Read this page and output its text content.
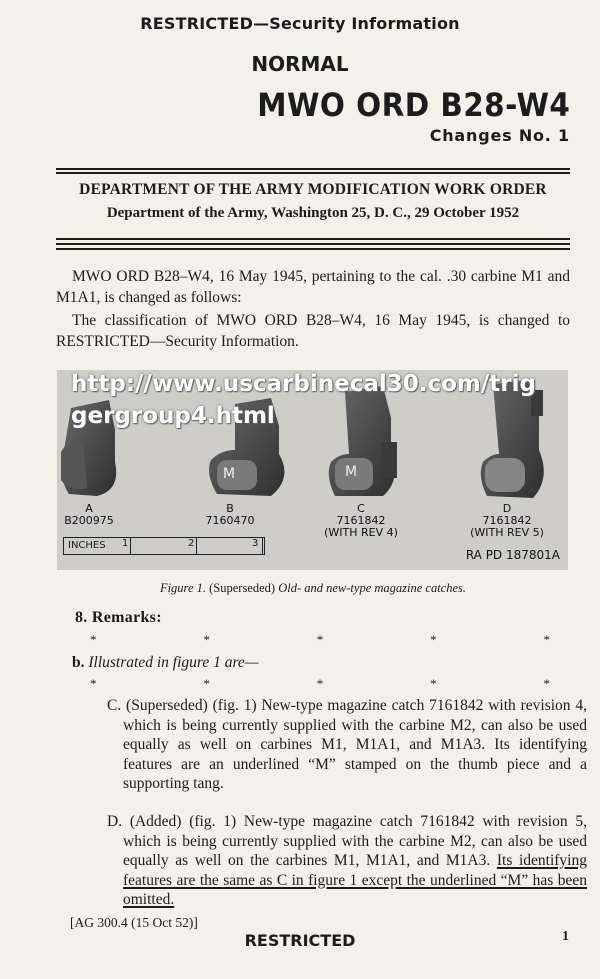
RESTRICTED—Security Information
NORMAL
MWO ORD B28-W4
Changes No. 1
DEPARTMENT OF THE ARMY MODIFICATION WORK ORDER
Department of the Army, Washington 25, D. C., 29 October 1952
MWO ORD B28–W4, 16 May 1945, pertaining to the cal. .30 carbine M1 and M1A1, is changed as follows:
The classification of MWO ORD B28–W4, 16 May 1945, is changed to RESTRICTED—Security Information.
http://www.uscarbinecal30.com/triggergroup4.html
M	M
A
B200975
B
7160470
C
7161842
(WITH REV 4)
D
7161842
(WITH REV 5)
INCHES 1	2	3
RA PD 187801A
Figure 1. (Superseded) Old- and new-type magazine catches.
8. Remarks:
*	*	*	*	*
b. Illustrated in figure 1 are—
*	*	*	*	*
C. (Superseded) (fig. 1) New-type magazine catch 7161842 with revision 4, which is being currently supplied with the carbine M2, can also be used equally as well on carbines M1, M1A1, and M1A3. Its identifying features are an underlined “M” stamped on the thumb piece and a supporting tang.
D. (Added) (fig. 1) New-type magazine catch 7161842 with revision 5, which is being currently supplied with the carbine M2, can also be used equally as well on the carbines M1, M1A1, and M1A3. Its identifying features are the same as C in figure 1 except the underlined “M” has been omitted.
[AG 300.4 (15 Oct 52)]
RESTRICTED	1
